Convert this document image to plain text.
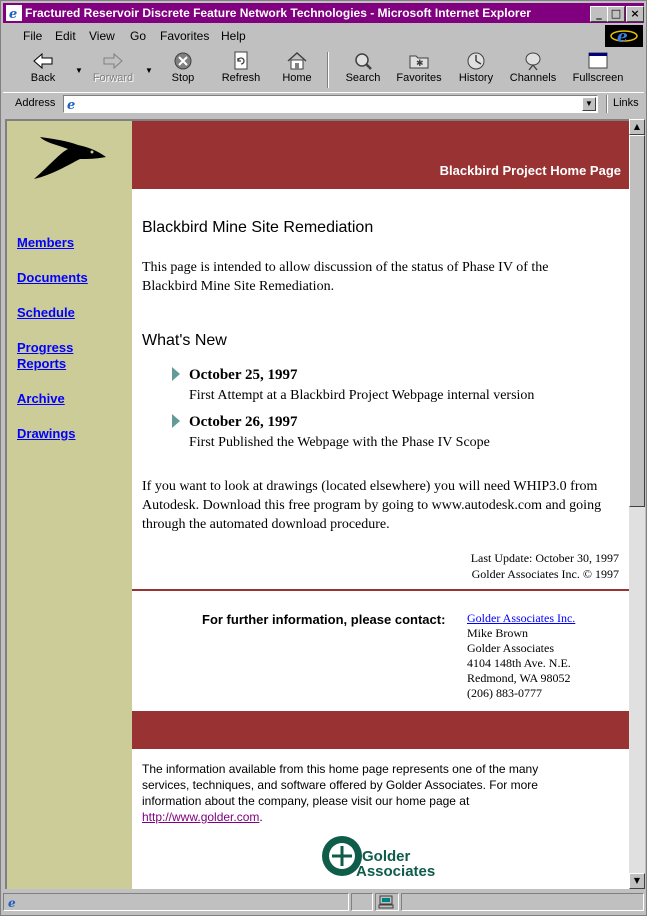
e Fractured Reservoir Discrete Feature Network Technologies - Microsoft Internet Explorer	_ □ ×
File Edit View Go Favorites Help	e
Back
▼
Forward
▼
Stop	Refresh	Home	Search
✱
Favorites	History	Channels	Fullscreen
Address e	▼ Links
Members
Documents
Schedule
Progress Reports
Archive
Drawings
Blackbird Project Home Page
Blackbird Mine Site Remediation
This page is intended to allow discussion of the status of Phase IV of the Blackbird Mine Site Remediation.
What's New
October 25, 1997
First Attempt at a Blackbird Project Webpage internal version
October 26, 1997
First Published the Webpage with the Phase IV Scope
If you want to look at drawings (located elsewhere) you will need WHIP3.0 from Autodesk. Download this free program by going to www.autodesk.com and going through the automated download procedure.
Last Update: October 30, 1997
Golder Associates Inc. © 1997
For further information, please contact: Golder Associates Inc.
Mike Brown
Golder Associates
4104 148th Ave. N.E.
Redmond, WA 98052
(206) 883-0777
The information available from this home page represents one of the many services, techniques, and software offered by Golder Associates. For more information about the company, please visit our home page at http://www.golder.com.
Golder
Associates
▲
▼
e
